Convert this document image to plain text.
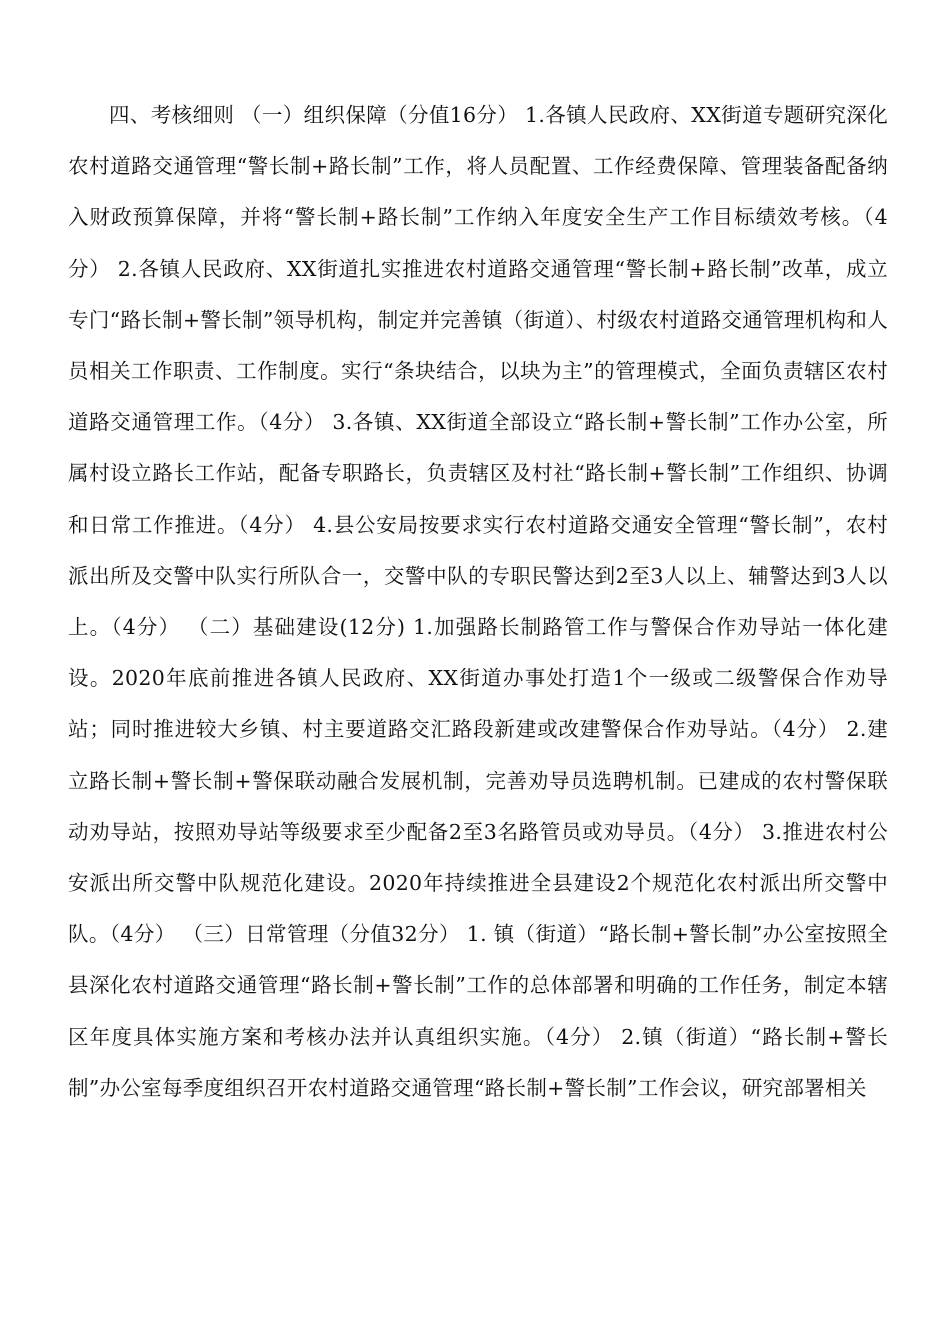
四、考核细则 （一）组织保障（分值16分） 1.各镇人民政府、XX街道专题研究深化农村道路交通管理“警长制+路长制”工作，将人员配置、工作经费保障、管理装备配备纳入财政预算保障，并将“警长制+路长制”工作纳入年度安全生产工作目标绩效考核。（4分） 2.各镇人民政府、XX街道扎实推进农村道路交通管理“警长制+路长制”改革，成立专门“路长制+警长制”领导机构，制定并完善镇（街道）、村级农村道路交通管理机构和人员相关工作职责、工作制度。实行“条块结合，以块为主”的管理模式，全面负责辖区农村道路交通管理工作。（4分） 3.各镇、XX街道全部设立“路长制+警长制”工作办公室，所属村设立路长工作站，配备专职路长，负责辖区及村社“路长制+警长制”工作组织、协调和日常工作推进。（4分） 4.县公安局按要求实行农村道路交通安全管理“警长制”，农村派出所及交警中队实行所队合一，交警中队的专职民警达到2至3人以上、辅警达到3人以上。（4分） （二）基础建设(12分) 1.加强路长制路管工作与警保合作劝导站一体化建设。2020年底前推进各镇人民政府、XX街道办事处打造1个一级或二级警保合作劝导站；同时推进较大乡镇、村主要道路交汇路段新建或改建警保合作劝导站。（4分） 2.建立路长制+警长制+警保联动融合发展机制，完善劝导员选聘机制。已建成的农村警保联动劝导站，按照劝导站等级要求至少配备2至3名路管员或劝导员。（4分） 3.推进农村公安派出所交警中队规范化建设。2020年持续推进全县建设2个规范化农村派出所交警中队。（4分） （三）日常管理（分值32分） 1. 镇（街道）“路长制+警长制”办公室按照全县深化农村道路交通管理“路长制+警长制”工作的总体部署和明确的工作任务，制定本辖区年度具体实施方案和考核办法并认真组织实施。（4分） 2.镇（街道）“路长制+警长制”办公室每季度组织召开农村道路交通管理“路长制+警长制”工作会议，研究部署相关
